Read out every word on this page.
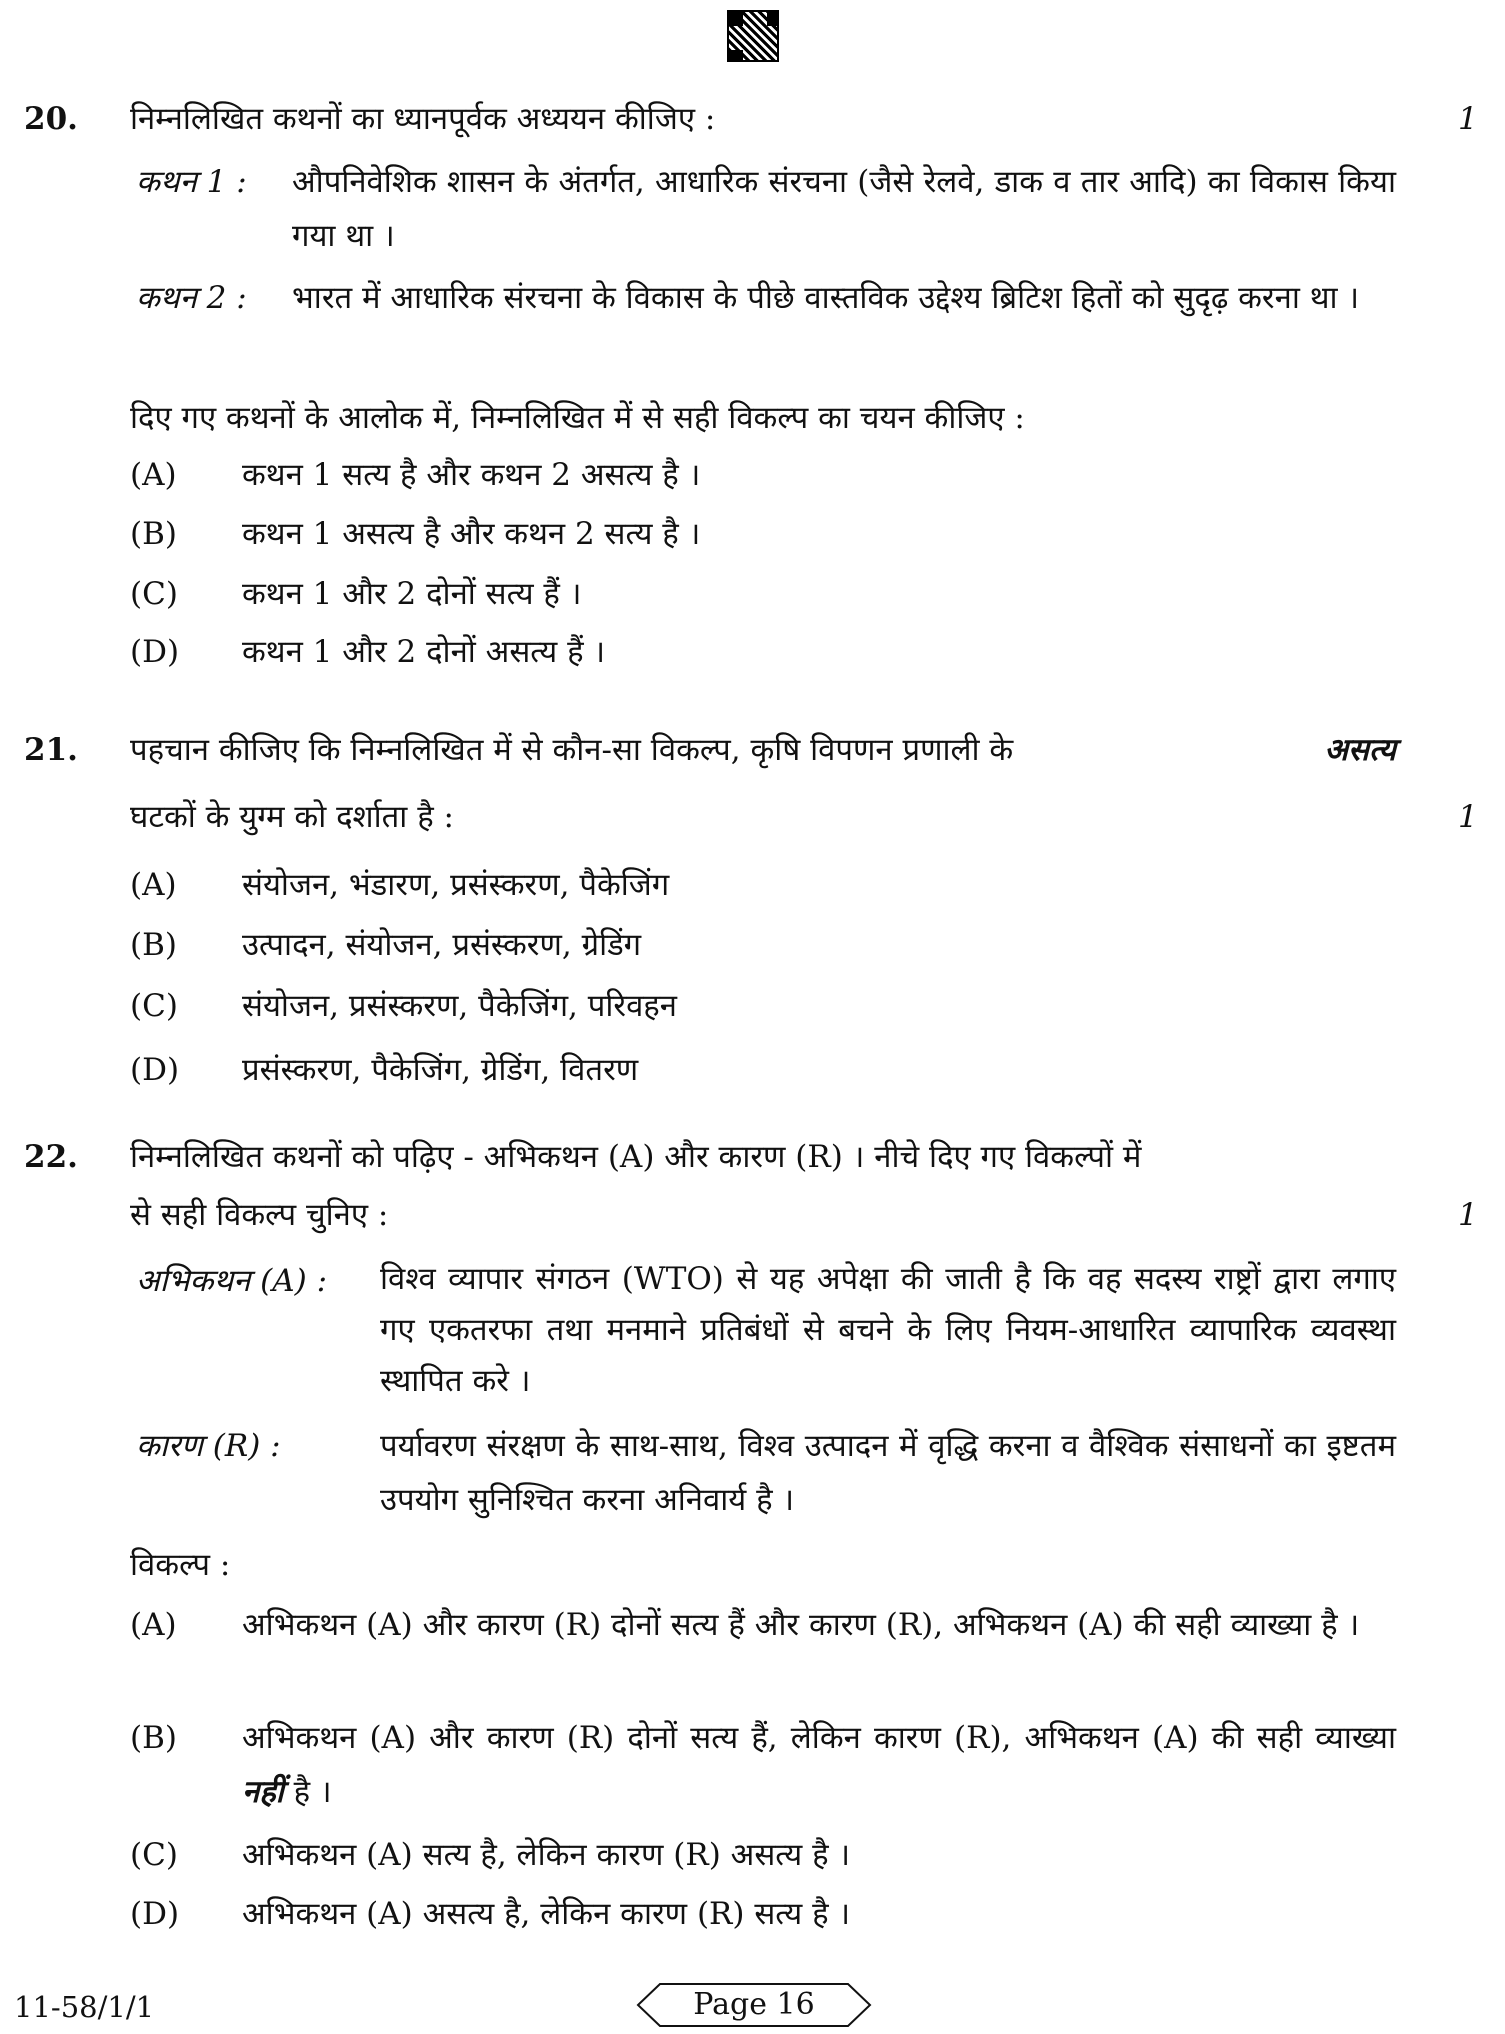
20. निम्नलिखित कथनों का ध्यानपूर्वक अध्ययन कीजिए :	1
कथन 1 : औपनिवेशिक शासन के अंतर्गत, आधारिक संरचना (जैसे रेलवे, डाक व तार आदि) का विकास किया गया था ।
कथन 2 : भारत में आधारिक संरचना के विकास के पीछे वास्तविक उद्देश्य ब्रिटिश हितों को सुदृढ़ करना था ।
दिए गए कथनों के आलोक में, निम्नलिखित में से सही विकल्प का चयन कीजिए :
(A) कथन 1 सत्य है और कथन 2 असत्य है ।
(B) कथन 1 असत्य है और कथन 2 सत्य है ।
(C) कथन 1 और 2 दोनों सत्य हैं ।
(D) कथन 1 और 2 दोनों असत्य हैं ।
21. पहचान कीजिए कि निम्नलिखित में से कौन-सा विकल्प, कृषि विपणन प्रणाली के	असत्य
घटकों के युग्म को दर्शाता है :	1
(A) संयोजन, भंडारण, प्रसंस्करण, पैकेजिंग
(B) उत्पादन, संयोजन, प्रसंस्करण, ग्रेडिंग
(C) संयोजन, प्रसंस्करण, पैकेजिंग, परिवहन
(D) प्रसंस्करण, पैकेजिंग, ग्रेडिंग, वितरण
22. निम्नलिखित कथनों को पढ़िए - अभिकथन (A) और कारण (R) । नीचे दिए गए विकल्पों में
से सही विकल्प चुनिए :	1
अभिकथन (A) : विश्व व्यापार संगठन (WTO) से यह अपेक्षा की जाती है कि वह सदस्य राष्ट्रों द्वारा लगाए गए एकतरफा तथा मनमाने प्रतिबंधों से बचने के लिए नियम-आधारित व्यापारिक व्यवस्था स्थापित करे ।
कारण (R) :	पर्यावरण संरक्षण के साथ-साथ, विश्व उत्पादन में वृद्धि करना व वैश्विक संसाधनों का इष्टतम उपयोग सुनिश्चित करना अनिवार्य है ।
विकल्प :
(A) अभिकथन (A) और कारण (R) दोनों सत्य हैं और कारण (R), अभिकथन (A) की सही व्याख्या है ।
(B) अभिकथन (A) और कारण (R) दोनों सत्य हैं, लेकिन कारण (R), अभिकथन (A) की सही व्याख्या नहीं है ।
(C) अभिकथन (A) सत्य है, लेकिन कारण (R) असत्य है ।
(D) अभिकथन (A) असत्य है, लेकिन कारण (R) सत्य है ।
11-58/1/1	Page 16
